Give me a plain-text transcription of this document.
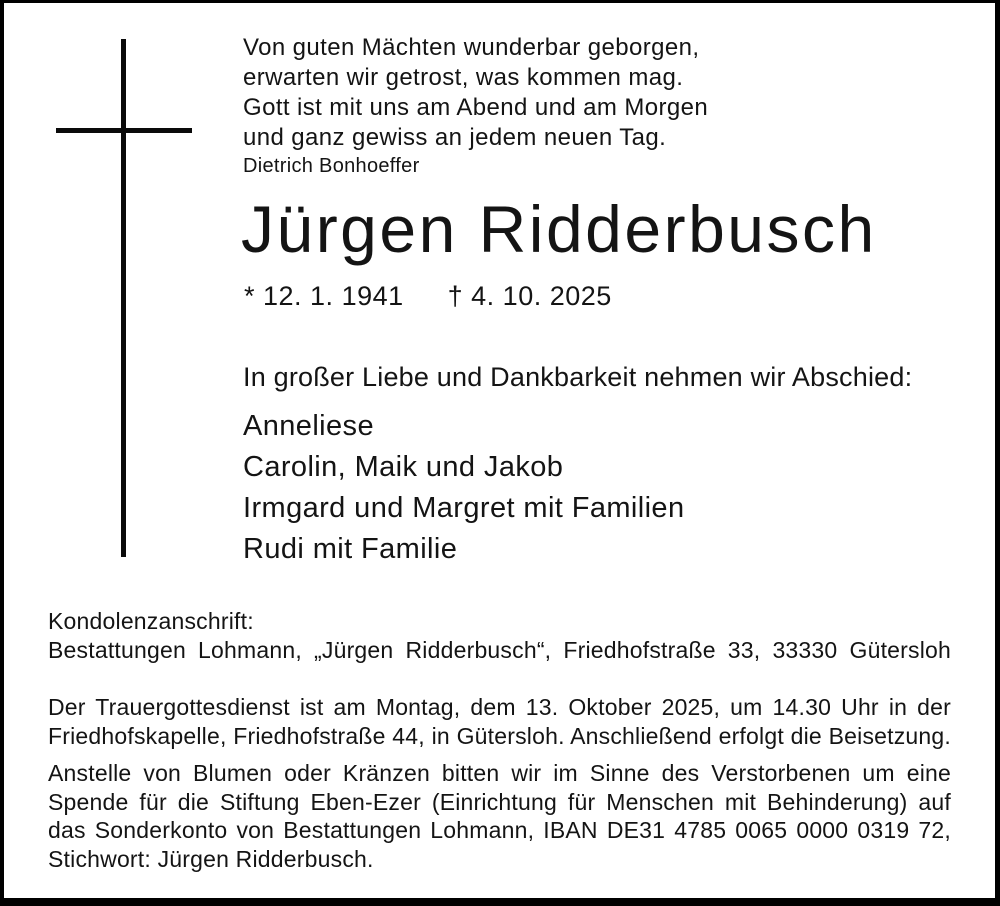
Von guten Mächten wunderbar geborgen,
erwarten wir getrost, was kommen mag.
Gott ist mit uns am Abend und am Morgen
und ganz gewiss an jedem neuen Tag.
Dietrich Bonhoeffer
Jürgen Ridderbusch
* 12. 1. 1941 † 4. 10. 2025
In großer Liebe und Dankbarkeit nehmen wir Abschied:
Anneliese
Carolin, Maik und Jakob
Irmgard und Margret mit Familien
Rudi mit Familie
Kondolenzanschrift:
Bestattungen Lohmann, „Jürgen Ridderbusch“, Friedhofstraße 33, 33330 Gütersloh
Der Trauergottesdienst ist am Montag, dem 13. Oktober 2025, um 14.30 Uhr in der
Friedhofskapelle, Friedhofstraße 44, in Gütersloh. Anschließend erfolgt die Beisetzung.
Anstelle von Blumen oder Kränzen bitten wir im Sinne des Verstorbenen um eine
Spende für die Stiftung Eben-Ezer (Einrichtung für Menschen mit Behinderung) auf
das Sonderkonto von Bestattungen Lohmann, IBAN DE31 4785 0065 0000 0319 72,
Stichwort: Jürgen Ridderbusch.
